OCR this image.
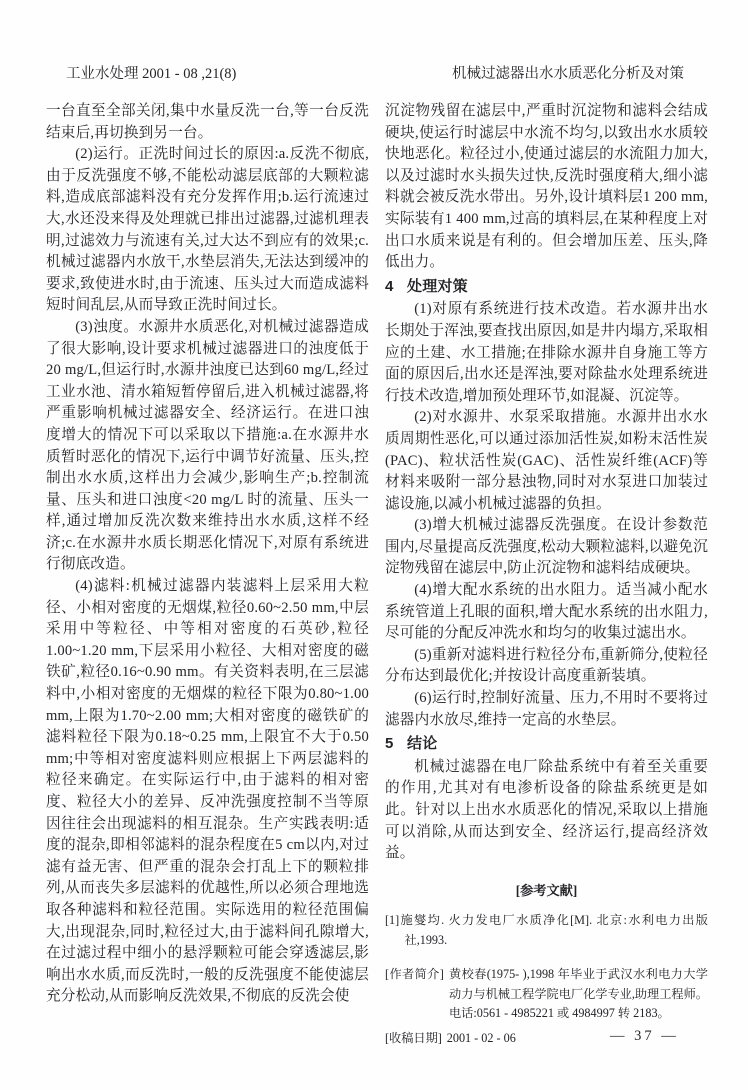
工业水处理 2001 - 08 ,21(8)	机械过滤器出水水质恶化分析及对策

一台直至全部关闭,集中水量反洗一台,等一台反洗结束后,再切换到另一台。

(2)运行。正洗时间过长的原因:a.反洗不彻底,由于反洗强度不够,不能松动滤层底部的大颗粒滤料,造成底部滤料没有充分发挥作用;b.运行流速过大,水还没来得及处理就已排出过滤器,过滤机理表明,过滤效力与流速有关,过大达不到应有的效果;c.机械过滤器内水放干,水垫层消失,无法达到缓冲的要求,致使进水时,由于流速、压头过大而造成滤料短时间乱层,从而导致正洗时间过长。

(3)浊度。水源井水质恶化,对机械过滤器造成了很大影响,设计要求机械过滤器进口的浊度低于20 mg/L,但运行时,水源井浊度已达到60 mg/L,经过工业水池、清水箱短暂停留后,进入机械过滤器,将严重影响机械过滤器安全、经济运行。在进口浊度增大的情况下可以采取以下措施:a.在水源井水质暂时恶化的情况下,运行中调节好流量、压头,控制出水水质,这样出力会减少,影响生产;b.控制流量、压头和进口浊度<20 mg/L 时的流量、压头一样,通过增加反洗次数来维持出水水质,这样不经济;c.在水源井水质长期恶化情况下,对原有系统进行彻底改造。

(4)滤料:机械过滤器内装滤料上层采用大粒径、小相对密度的无烟煤,粒径0.60~2.50 mm,中层采用中等粒径、中等相对密度的石英砂,粒径1.00~1.20 mm,下层采用小粒径、大相对密度的磁铁矿,粒径0.16~0.90 mm。有关资料表明,在三层滤料中,小相对密度的无烟煤的粒径下限为0.80~1.00 mm,上限为1.70~2.00 mm;大相对密度的磁铁矿的滤料粒径下限为0.18~0.25 mm,上限宜不大于0.50 mm;中等相对密度滤料则应根据上下两层滤料的粒径来确定。在实际运行中,由于滤料的相对密度、粒径大小的差异、反冲洗强度控制不当等原因往往会出现滤料的相互混杂。生产实践表明:适度的混杂,即相邻滤料的混杂程度在5 cm以内,对过滤有益无害、但严重的混杂会打乱上下的颗粒排列,从而丧失多层滤料的优越性,所以必须合理地选取各种滤料和粒径范围。实际选用的粒径范围偏大,出现混杂,同时,粒径过大,由于滤料间孔隙增大,在过滤过程中细小的悬浮颗粒可能会穿透滤层,影响出水水质,而反洗时,一般的反洗强度不能使滤层充分松动,从而影响反洗效果,不彻底的反洗会使

沉淀物残留在滤层中,严重时沉淀物和滤料会结成硬块,使运行时滤层中水流不均匀,以致出水水质较快地恶化。粒径过小,使通过滤层的水流阻力加大,以及过滤时水头损失过快,反洗时强度稍大,细小滤料就会被反洗水带出。另外,设计填料层1 200 mm,实际装有1 400 mm,过高的填料层,在某种程度上对出口水质来说是有利的。但会增加压差、压头,降低出力。

4 处理对策

(1)对原有系统进行技术改造。若水源井出水长期处于浑浊,要查找出原因,如是井内塌方,采取相应的土建、水工措施;在排除水源井自身施工等方面的原因后,出水还是浑浊,要对除盐水处理系统进行技术改造,增加预处理环节,如混凝、沉淀等。

(2)对水源井、水泵采取措施。水源井出水水质周期性恶化,可以通过添加活性炭,如粉末活性炭(PAC)、粒状活性炭(GAC)、活性炭纤维(ACF)等材料来吸附一部分悬浊物,同时对水泵进口加装过滤设施,以减小机械过滤器的负担。

(3)增大机械过滤器反洗强度。在设计参数范围内,尽量提高反洗强度,松动大颗粒滤料,以避免沉淀物残留在滤层中,防止沉淀物和滤料结成硬块。

(4)增大配水系统的出水阻力。适当减小配水系统管道上孔眼的面积,增大配水系统的出水阻力,尽可能的分配反冲洗水和均匀的收集过滤出水。

(5)重新对滤料进行粒径分布,重新筛分,使粒径分布达到最优化;并按设计高度重新装填。

(6)运行时,控制好流量、压力,不用时不要将过滤器内水放尽,维持一定高的水垫层。

5 结论

机械过滤器在电厂除盐系统中有着至关重要的作用,尤其对有电渗析设备的除盐系统更是如此。针对以上出水水质恶化的情况,采取以上措施可以消除,从而达到安全、经济运行,提高经济效益。

[参考文献]
[1]施燮均. 火力发电厂水质净化[M]. 北京:水利电力出版社,1993.
[作者简介] 黄校春(1975- ),1998 年毕业于武汉水利电力大学动力与机械工程学院电厂化学专业,助理工程师。电话:0561 - 4985221 或 4984997 转 2183。
[收稿日期] 2001 - 02 - 06	— 37 —
